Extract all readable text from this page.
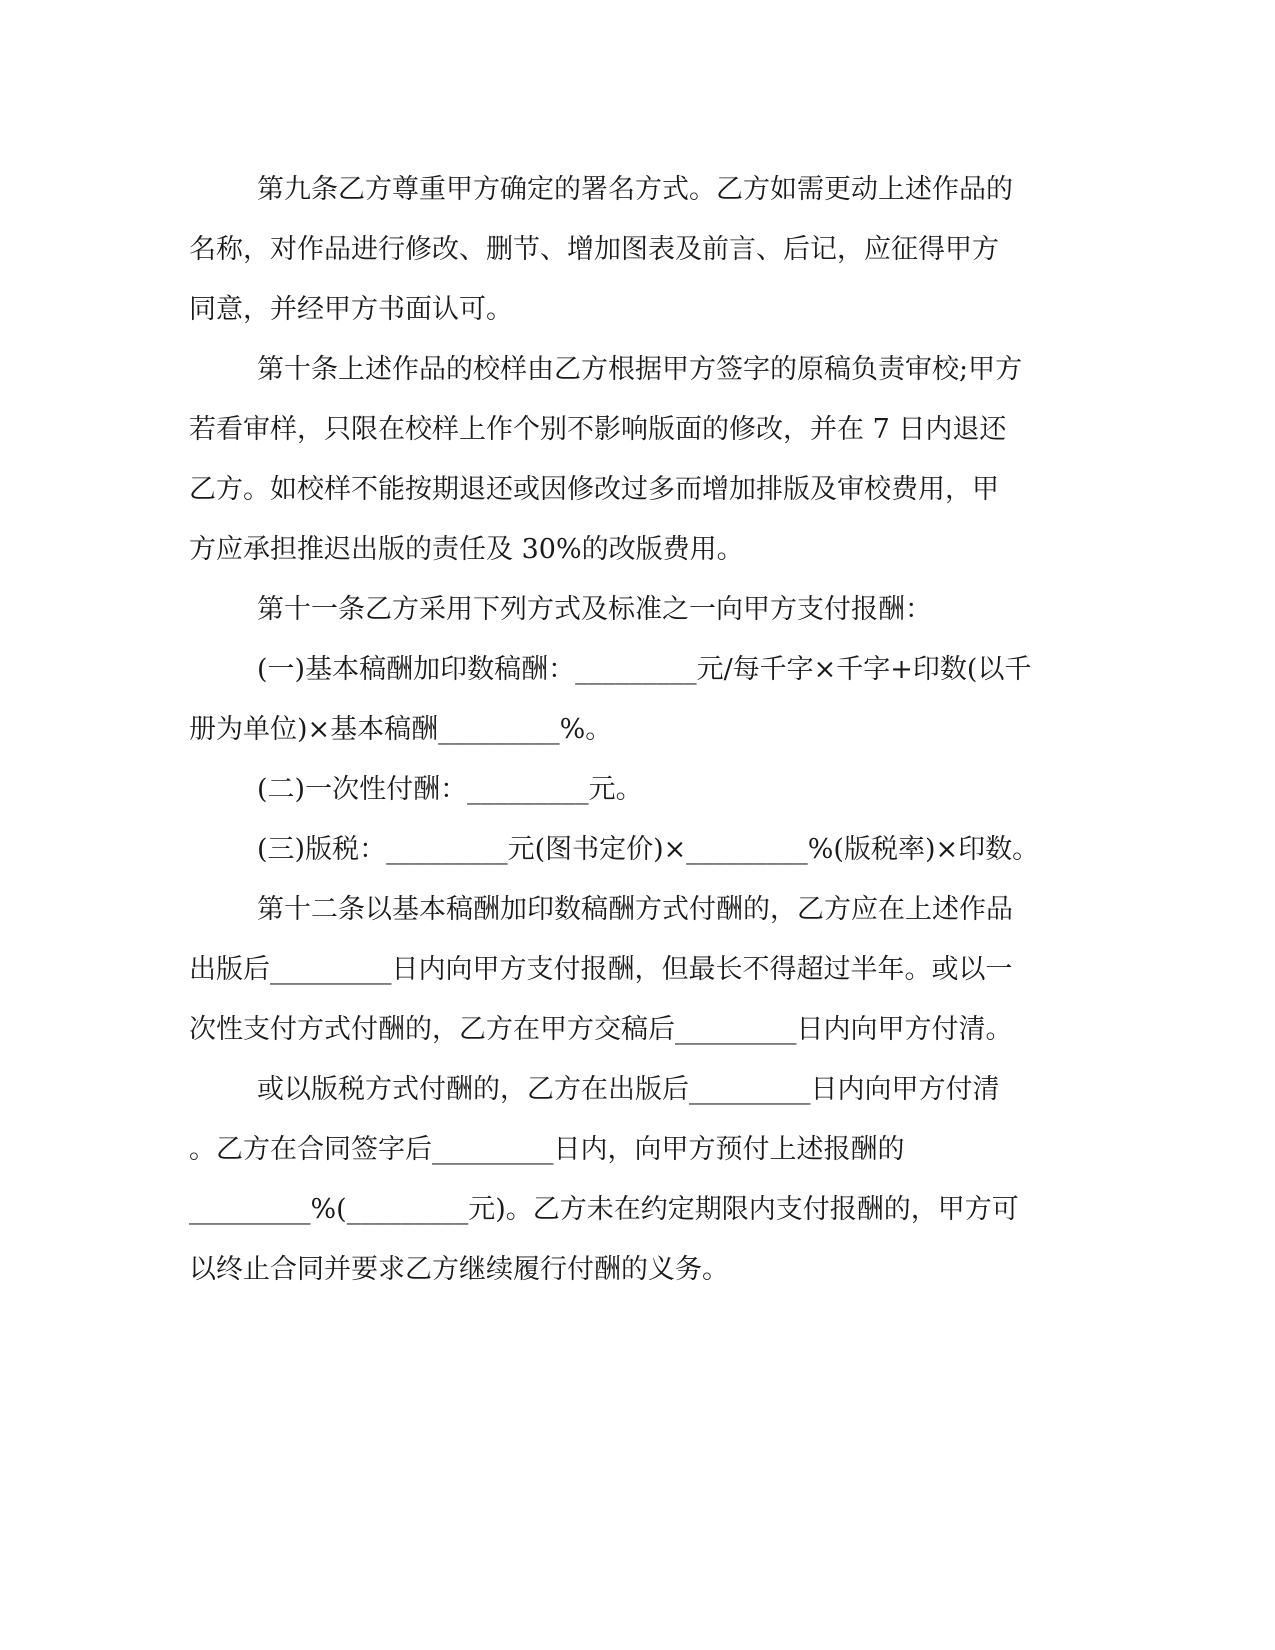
第九条乙方尊重甲方确定的署名方式。乙方如需更动上述作品的
名称，对作品进行修改、删节、增加图表及前言、后记，应征得甲方
同意，并经甲方书面认可。
第十条上述作品的校样由乙方根据甲方签字的原稿负责审校;甲方
若看审样，只限在校样上作个别不影响版面的修改，并在 7 日内退还
乙方。如校样不能按期退还或因修改过多而增加排版及审校费用，甲
方应承担推迟出版的责任及 30%的改版费用。
第十一条乙方采用下列方式及标准之一向甲方支付报酬：
(一)基本稿酬加印数稿酬：_________元/每千字×千字+印数(以千
册为单位)×基本稿酬_________%。
(二)一次性付酬：_________元。
(三)版税：_________元(图书定价)×_________%(版税率)×印数。
第十二条以基本稿酬加印数稿酬方式付酬的，乙方应在上述作品
出版后_________日内向甲方支付报酬，但最长不得超过半年。或以一
次性支付方式付酬的，乙方在甲方交稿后_________日内向甲方付清。
或以版税方式付酬的，乙方在出版后_________日内向甲方付清
。乙方在合同签字后_________日内，向甲方预付上述报酬的
_________%(_________元)。乙方未在约定期限内支付报酬的，甲方可
以终止合同并要求乙方继续履行付酬的义务。
